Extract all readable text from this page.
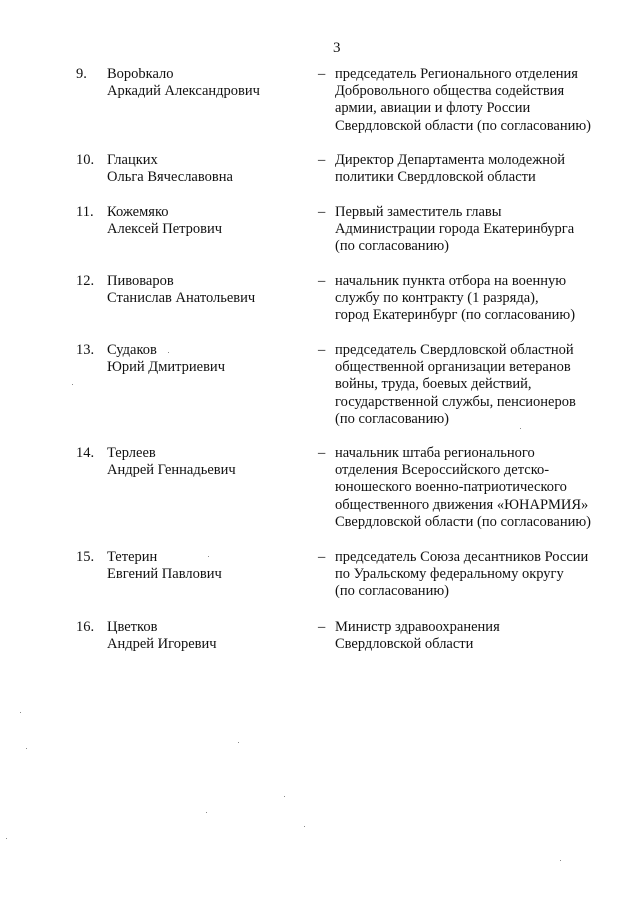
3
9.	Ворobкало
Аркадий Александрович
– председатель Регионального отделения
Добровольного общества содействия
армии, авиации и флоту России
Свердловской области (по согласованию)
10. Глацких
Ольга Вячеславовна
– Директор Департамента молодежной
политики Свердловской области
11. Кожемяко
Алексей Петрович
– Первый заместитель главы
Администрации города Екатеринбурга
(по согласованию)
12. Пивоваров
Станислав Анатольевич
– начальник пункта отбора на военную
службу по контракту (1 разряда),
город Екатеринбург (по согласованию)
13. Судаков
Юрий Дмитриевич
– председатель Свердловской областной
общественной организации ветеранов
войны, труда, боевых действий,
государственной службы, пенсионеров
(по согласованию)
14. Терлеев
Андрей Геннадьевич
– начальник штаба регионального
отделения Всероссийского детско-
юношеского военно-патриотического
общественного движения «ЮНАРМИЯ»
Свердловской области (по согласованию)
15. Тетерин
Евгений Павлович
– председатель Союза десантников России
по Уральскому федеральному округу
(по согласованию)
16. Цветков
Андрей Игоревич
– Министр здравоохранения
Свердловской области
